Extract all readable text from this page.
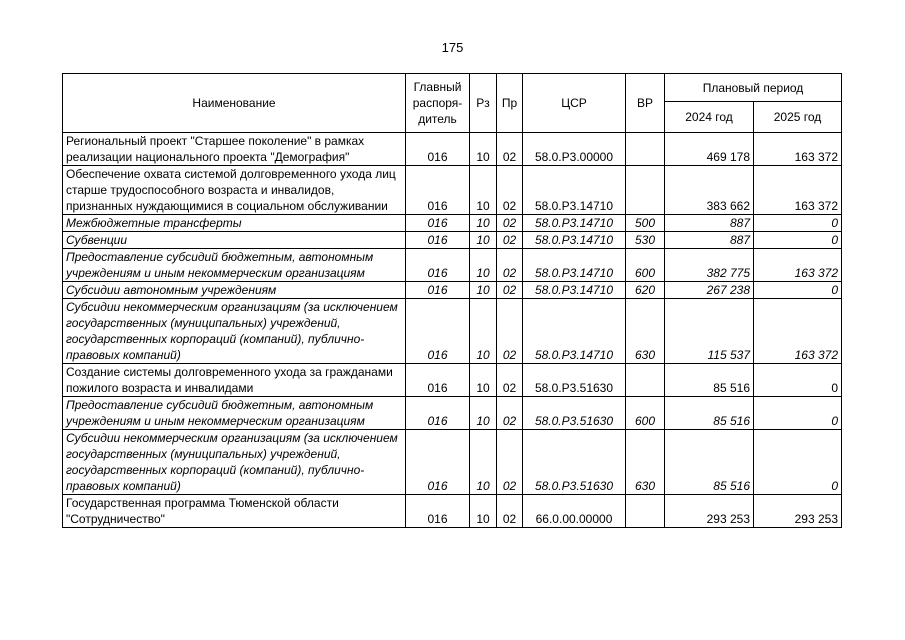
175
Наименование	Главный распоря-дитель	Рз	Пр	ЦСР	ВР	Плановый период	
						2024 год	2025 год
Региональный проект "Старшее поколение" в рамках реализации национального проекта "Демография"	016	10	02	58.0.P3.00000		469 178	163 372
Обеспечение охвата системой долговременного ухода лиц старше трудоспособного возраста и инвалидов, признанных нуждающимися в социальном обслуживании	016	10	02	58.0.P3.14710		383 662	163 372
Межбюджетные трансферты	016	10	02	58.0.P3.14710	500	887	0
Субвенции	016	10	02	58.0.P3.14710	530	887	0
Предоставление субсидий бюджетным, автономным учреждениям и иным некоммерческим организациям	016	10	02	58.0.P3.14710	600	382 775	163 372
Субсидии автономным учреждениям	016	10	02	58.0.P3.14710	620	267 238	0
Субсидии некоммерческим организациям (за исключением государственных (муниципальных) учреждений, государственных корпораций (компаний), публично-правовых компаний)	016	10	02	58.0.P3.14710	630	115 537	163 372
Создание системы долговременного ухода за гражданами пожилого возраста и инвалидами	016	10	02	58.0.P3.51630		85 516	0
Предоставление субсидий бюджетным, автономным учреждениям и иным некоммерческим организациям	016	10	02	58.0.P3.51630	600	85 516	0
Субсидии некоммерческим организациям (за исключением государственных (муниципальных) учреждений, государственных корпораций (компаний), публично-правовых компаний)	016	10	02	58.0.P3.51630	630	85 516	0
Государственная программа Тюменской области "Сотрудничество"	016	10	02	66.0.00.00000		293 253	293 253
